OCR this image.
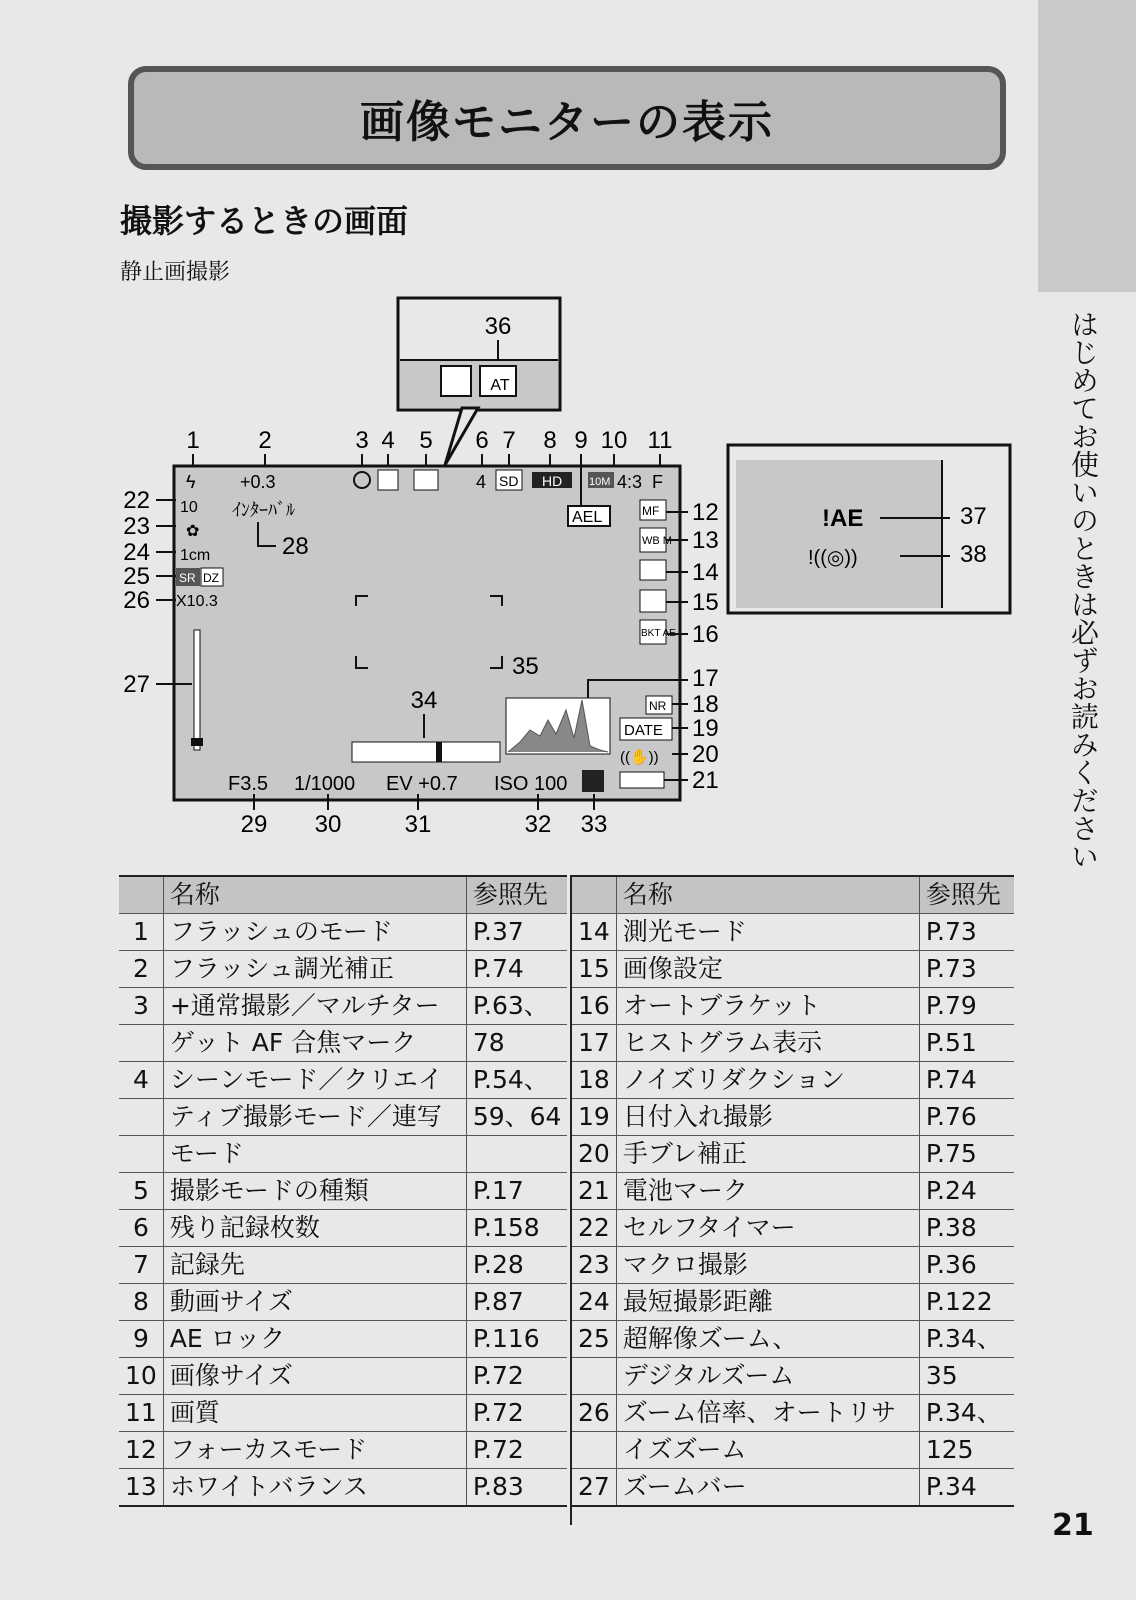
はじめてお使いのときは必ずお読みください
21
画像モニターの表示
撮影するときの画面
静止画撮影
36
AT
!AE
!((◎))
37
38
1 2	3 4 5 6 7 8 9 10 11
ϟ +0.3	4 SD HD 10M 4:3 F
ｲﾝﾀｰﾊﾞﾙ
28
AEL
10
✿
1cm
SR DZ
X10.3
22
23
24
25
26
27
35
MF
WB M
BKT AE
NR
DATE
((✋))
12
13
14
15
16
17
18
19
20
21
34
F3.5 1/1000 EV +0.7 ISO 100
29 30	31	32 33
	名称	参照先
1	フラッシュのモード	P.37
2	フラッシュ調光補正	P.74
3	+通常撮影／マルチター	P.63、
	ゲット AF 合焦マーク	78
4	シーンモード／クリエイ	P.54、
	ティブ撮影モード／連写	59、64
	モード	
5	撮影モードの種類	P.17
6	残り記録枚数	P.158
7	記録先	P.28
8	動画サイズ	P.87
9	AE ロック	P.116
10	画像サイズ	P.72
11	画質	P.72
12	フォーカスモード	P.72
13	ホワイトバランス	P.83
	名称	参照先
14	測光モード	P.73
15	画像設定	P.73
16	オートブラケット	P.79
17	ヒストグラム表示	P.51
18	ノイズリダクション	P.74
19	日付入れ撮影	P.76
20	手ブレ補正	P.75
21	電池マーク	P.24
22	セルフタイマー	P.38
23	マクロ撮影	P.36
24	最短撮影距離	P.122
25	超解像ズーム、	P.34、
	デジタルズーム	35
26	ズーム倍率、オートリサ	P.34、
	イズズーム	125
27	ズームバー	P.34
